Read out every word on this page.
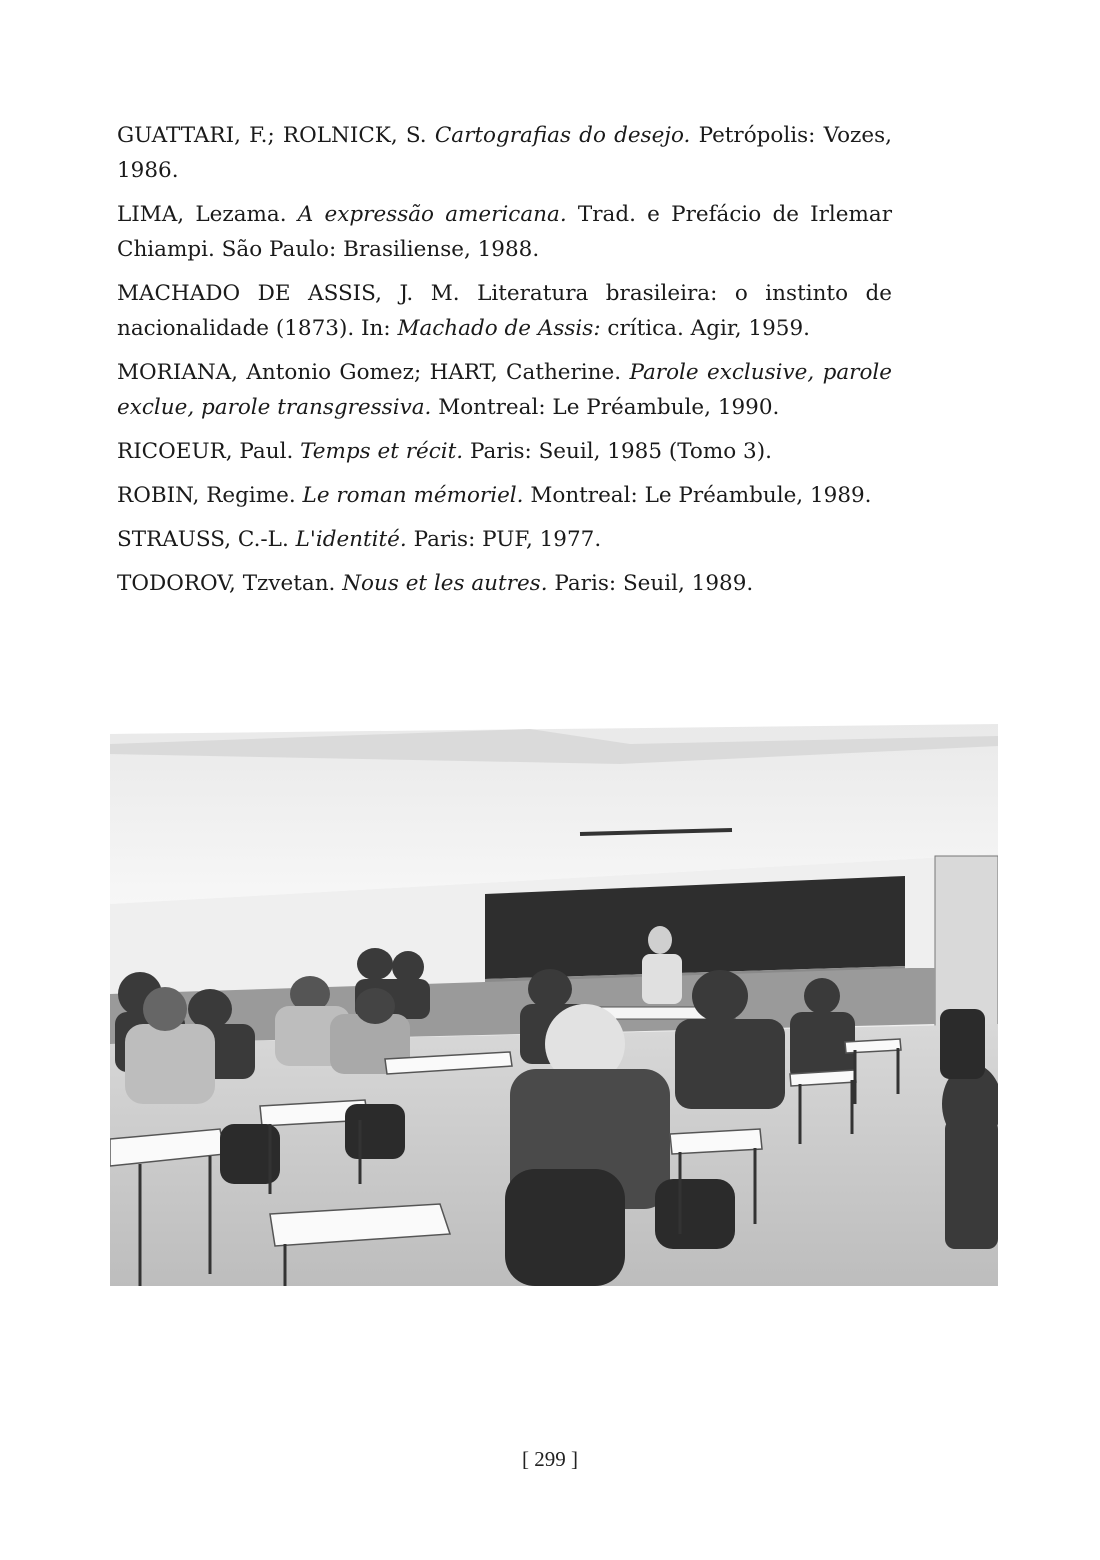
GUATTARI, F.; ROLNICK, S. Cartografias do desejo. Petrópolis: Vozes, 1986.

LIMA, Lezama. A expressão americana. Trad. e Prefácio de Irlemar Chiampi. São Paulo: Brasiliense, 1988.

MACHADO DE ASSIS, J. M. Literatura brasileira: o instinto de nacionalidade (1873). In: Machado de Assis: crítica. Agir, 1959.

MORIANA, Antonio Gomez; HART, Catherine. Parole exclusive, parole exclue, parole transgressiva. Montreal: Le Préambule, 1990.

RICOEUR, Paul. Temps et récit. Paris: Seuil, 1985 (Tomo 3).

ROBIN, Regime. Le roman mémoriel. Montreal: Le Préambule, 1989.

STRAUSS, C.-L. L'identité. Paris: PUF, 1977.

TODOROV, Tzvetan. Nous et les autres. Paris: Seuil, 1989.

[ 299 ]
